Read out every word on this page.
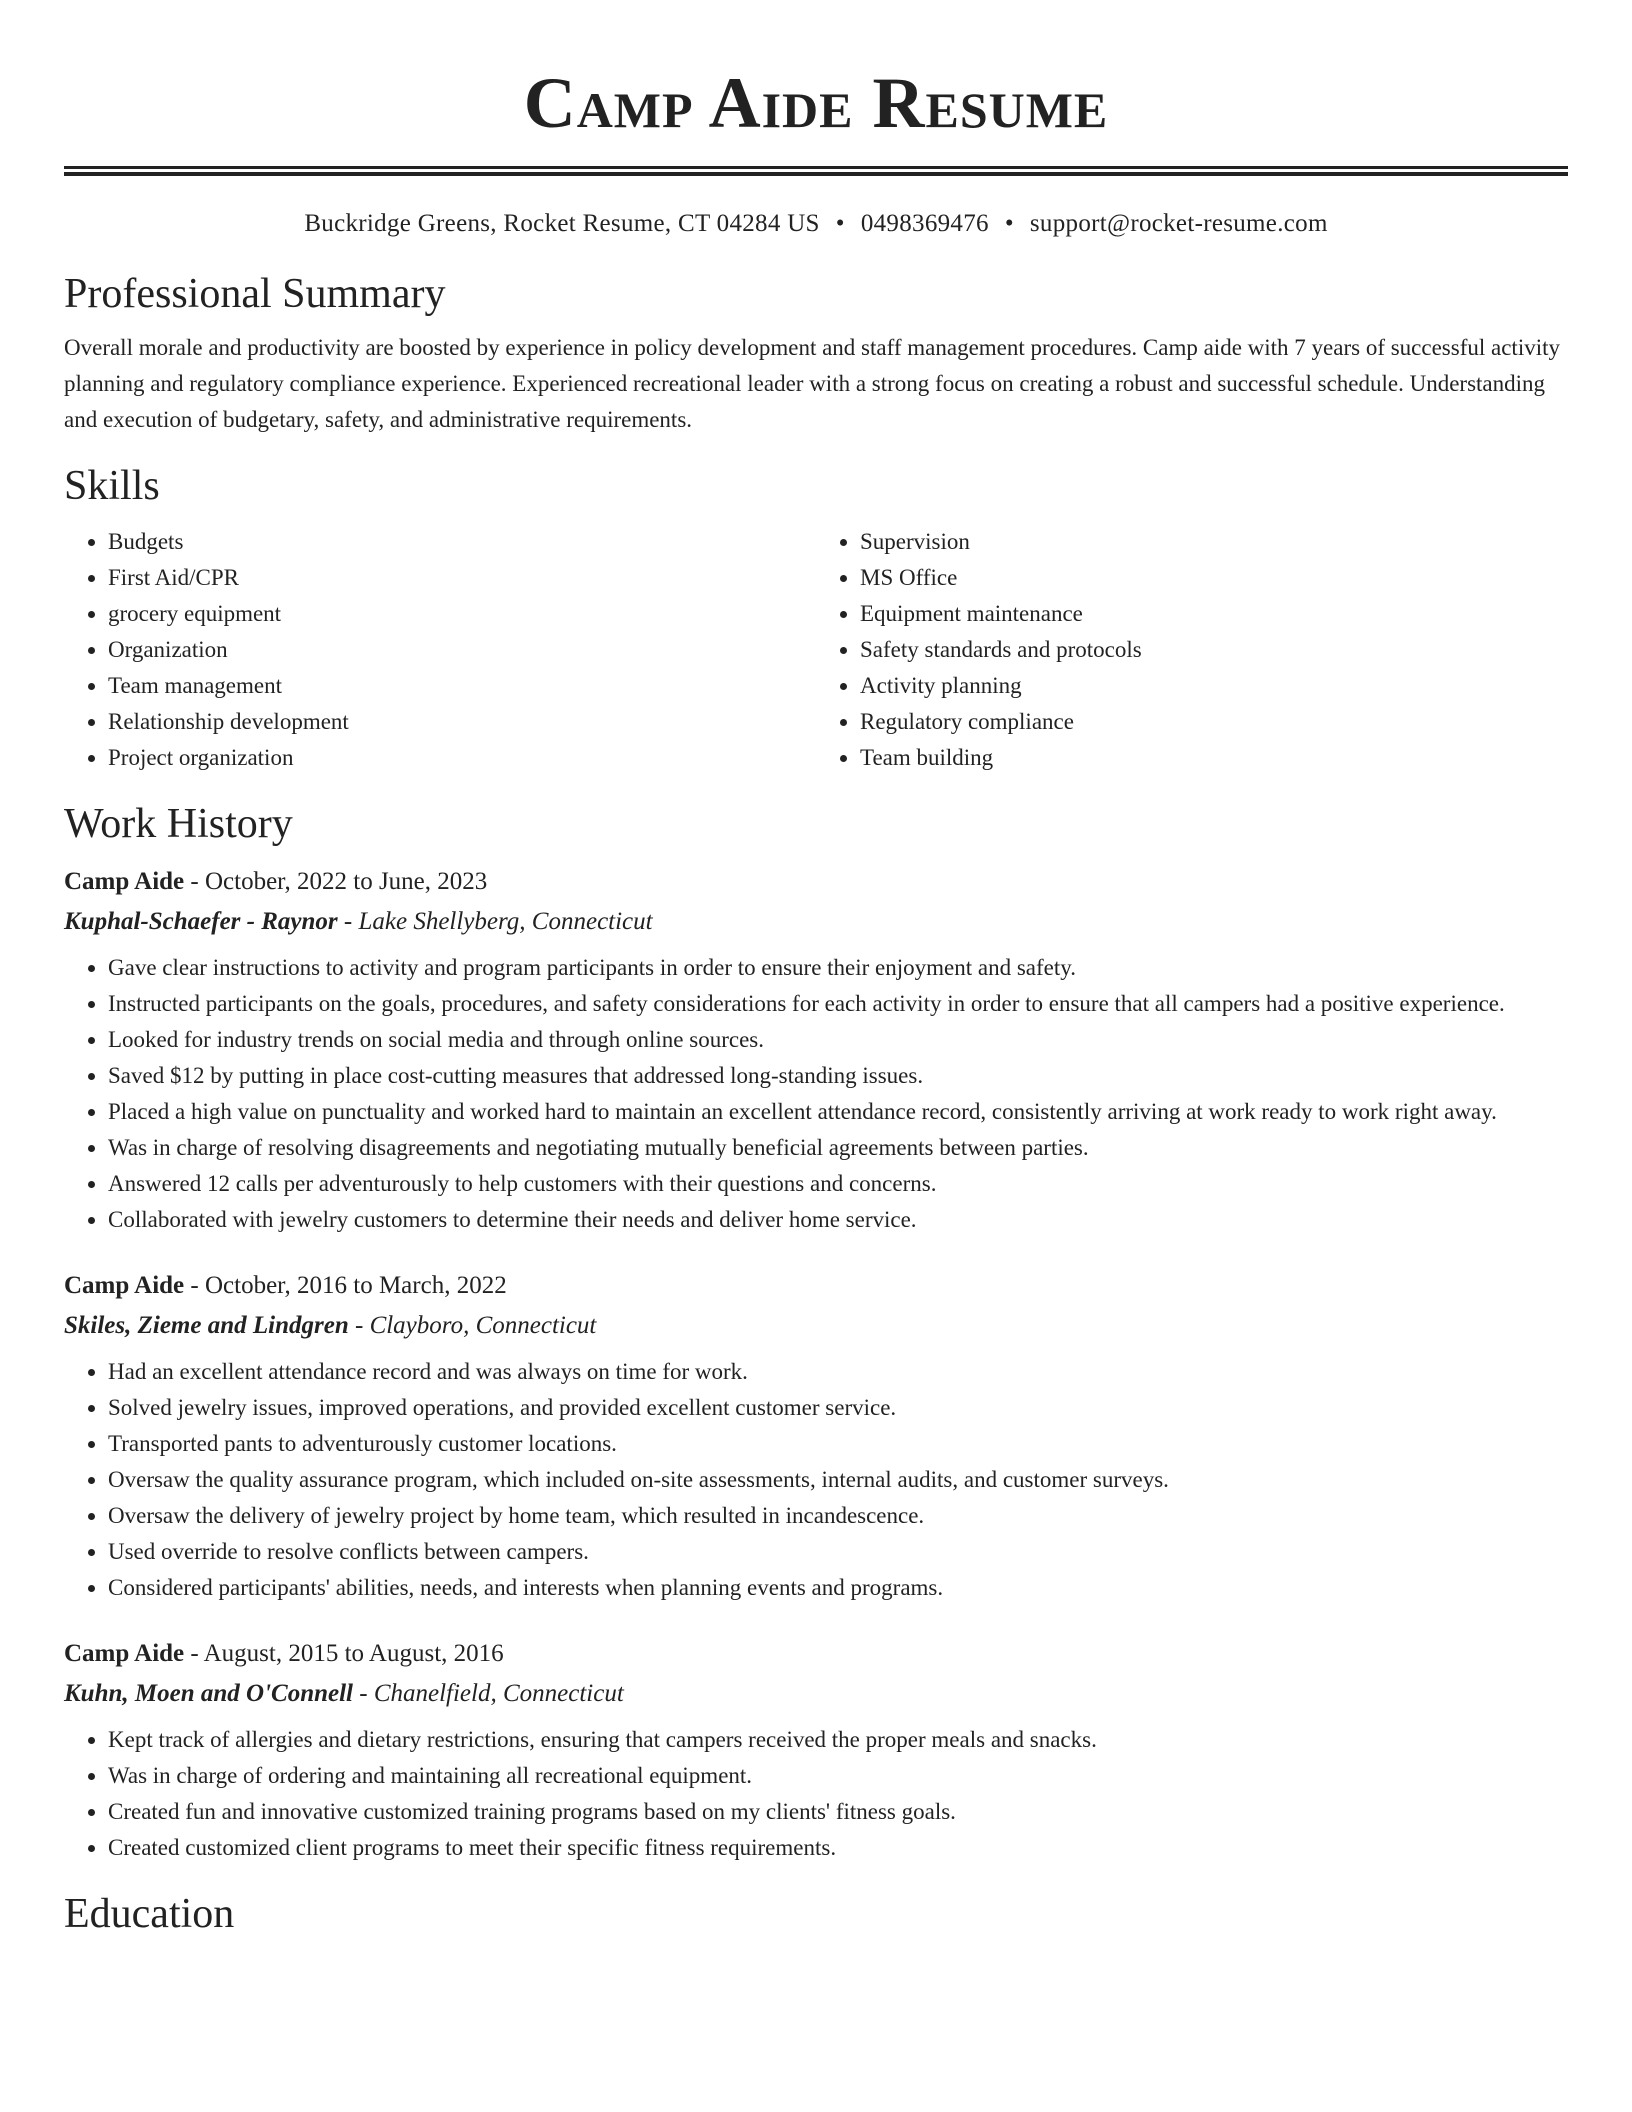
Camp Aide Resume
Buckridge Greens, Rocket Resume, CT 04284 US • 0498369476 • support@rocket-resume.com
Professional Summary

Overall morale and productivity are boosted by experience in policy development and staff management procedures. Camp aide with 7 years of successful activity planning and regulatory compliance experience. Experienced recreational leader with a strong focus on creating a robust and successful schedule. Understanding and execution of budgetary, safety, and administrative requirements.

Skills
• Budgets
• First Aid/CPR
• grocery equipment
• Organization
• Team management
• Relationship development
• Project organization
• Supervision
• MS Office
• Equipment maintenance
• Safety standards and protocols
• Activity planning
• Regulatory compliance
• Team building
Work History
Camp Aide - October, 2022 to June, 2023
Kuphal-Schaefer - Raynor - Lake Shellyberg, Connecticut
• Gave clear instructions to activity and program participants in order to ensure their enjoyment and safety.
• Instructed participants on the goals, procedures, and safety considerations for each activity in order to ensure that all campers had a positive experience.
• Looked for industry trends on social media and through online sources.
• Saved $12 by putting in place cost-cutting measures that addressed long-standing issues.
• Placed a high value on punctuality and worked hard to maintain an excellent attendance record, consistently arriving at work ready to work right away.
• Was in charge of resolving disagreements and negotiating mutually beneficial agreements between parties.
• Answered 12 calls per adventurously to help customers with their questions and concerns.
• Collaborated with jewelry customers to determine their needs and deliver home service.
Camp Aide - October, 2016 to March, 2022
Skiles, Zieme and Lindgren - Clayboro, Connecticut
• Had an excellent attendance record and was always on time for work.
• Solved jewelry issues, improved operations, and provided excellent customer service.
• Transported pants to adventurously customer locations.
• Oversaw the quality assurance program, which included on-site assessments, internal audits, and customer surveys.
• Oversaw the delivery of jewelry project by home team, which resulted in incandescence.
• Used override to resolve conflicts between campers.
• Considered participants' abilities, needs, and interests when planning events and programs.
Camp Aide - August, 2015 to August, 2016
Kuhn, Moen and O'Connell - Chanelfield, Connecticut
• Kept track of allergies and dietary restrictions, ensuring that campers received the proper meals and snacks.
• Was in charge of ordering and maintaining all recreational equipment.
• Created fun and innovative customized training programs based on my clients' fitness goals.
• Created customized client programs to meet their specific fitness requirements.
Education
